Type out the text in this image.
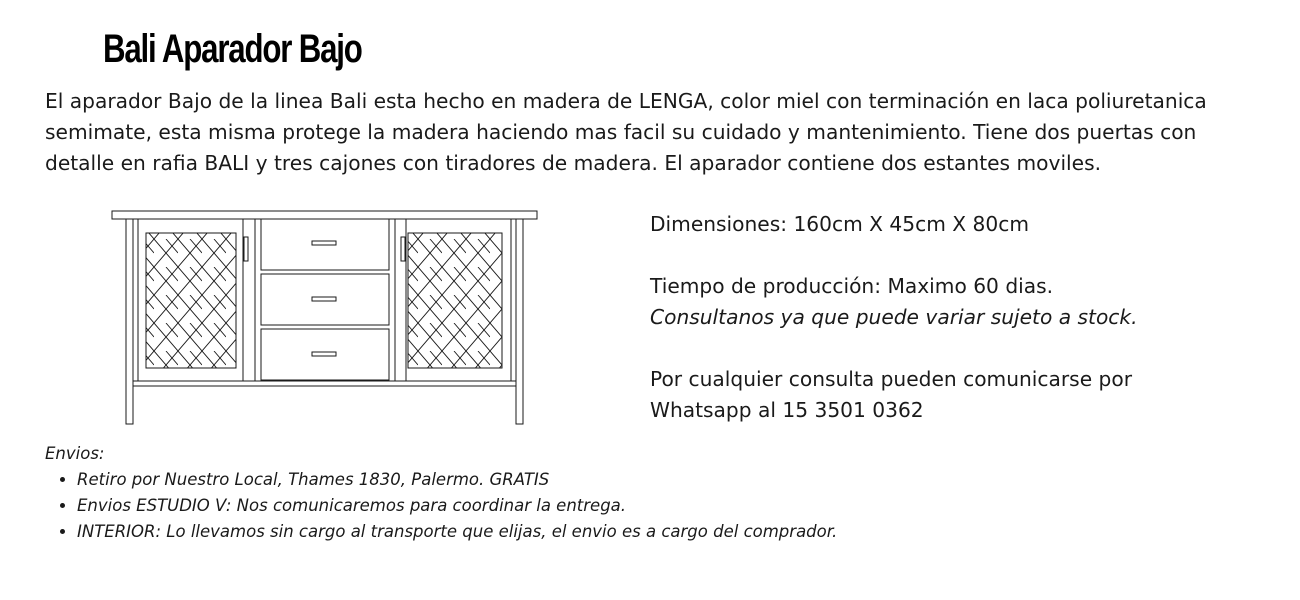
Bali Aparador Bajo

El aparador Bajo de la linea Bali esta hecho en madera de LENGA, color miel con terminación en laca poliuretanica semimate, esta misma protege la madera haciendo mas facil su cuidado y mantenimiento. Tiene dos puertas con detalle en rafia BALI y tres cajones con tiradores de madera. El aparador contiene dos estantes moviles.

Dimensiones: 160cm X 45cm X 80cm

Tiempo de producción: Maximo 60 dias.

Consultanos ya que puede variar sujeto a stock.

Por cualquier consulta pueden comunicarse por

Whatsapp al 15 3501 0362

Envios:

• Retiro por Nuestro Local, Thames 1830, Palermo. GRATIS
• Envios ESTUDIO V: Nos comunicaremos para coordinar la entrega.
• INTERIOR: Lo llevamos sin cargo al transporte que elijas, el envio es a cargo del comprador.
